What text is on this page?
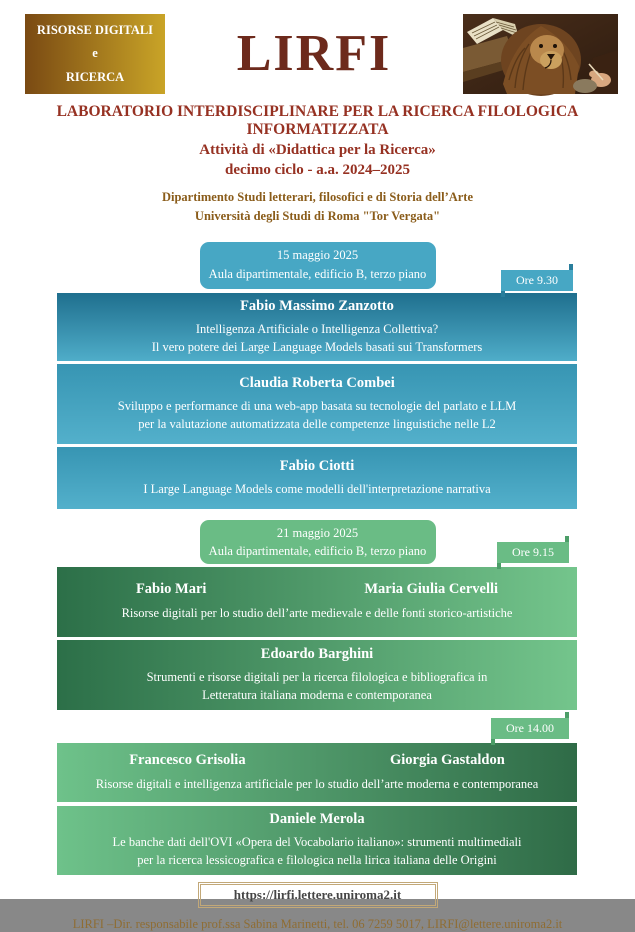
RISORSE DIGITALI
e
RICERCA	LIRFI
LABORATORIO INTERDISCIPLINARE PER LA RICERCA FILOLOGICA INFORMATIZZATA
Attività di «Didattica per la Ricerca»
decimo ciclo - a.a. 2024–2025
Dipartimento Studi letterari, filosofici e di Storia dell’Arte
Università degli Studi di Roma "Tor Vergata"
15 maggio 2025
Aula dipartimentale, edificio B, terzo piano	Ore 9.30
Fabio Massimo Zanzotto
Intelligenza Artificiale o Intelligenza Collettiva?
Il vero potere dei Large Language Models basati sui Transformers
Claudia Roberta Combei
Sviluppo e performance di una web-app basata su tecnologie del parlato e LLM
per la valutazione automatizzata delle competenze linguistiche nelle L2
Fabio Ciotti
I Large Language Models come modelli dell'interpretazione narrativa
21 maggio 2025
Aula dipartimentale, edificio B, terzo piano	Ore 9.15
Fabio Mari	Maria Giulia Cervelli
Risorse digitali per lo studio dell’arte medievale e delle fonti storico-artistiche
Edoardo Barghini
Strumenti e risorse digitali per la ricerca filologica e bibliografica in
Letteratura italiana moderna e contemporanea
Ore 14.00
Francesco Grisolia	Giorgia Gastaldon
Risorse digitali e intelligenza artificiale per lo studio dell’arte moderna e contemporanea
Daniele Merola
Le banche dati dell'OVI «Opera del Vocabolario italiano»: strumenti multimediali
per la ricerca lessicografica e filologica nella lirica italiana delle Origini
https://lirfi.lettere.uniroma2.it
LIRFI –Dir. responsabile prof.ssa Sabina Marinetti, tel. 06 7259 5017, LIRFI@lettere.uniroma2.it
